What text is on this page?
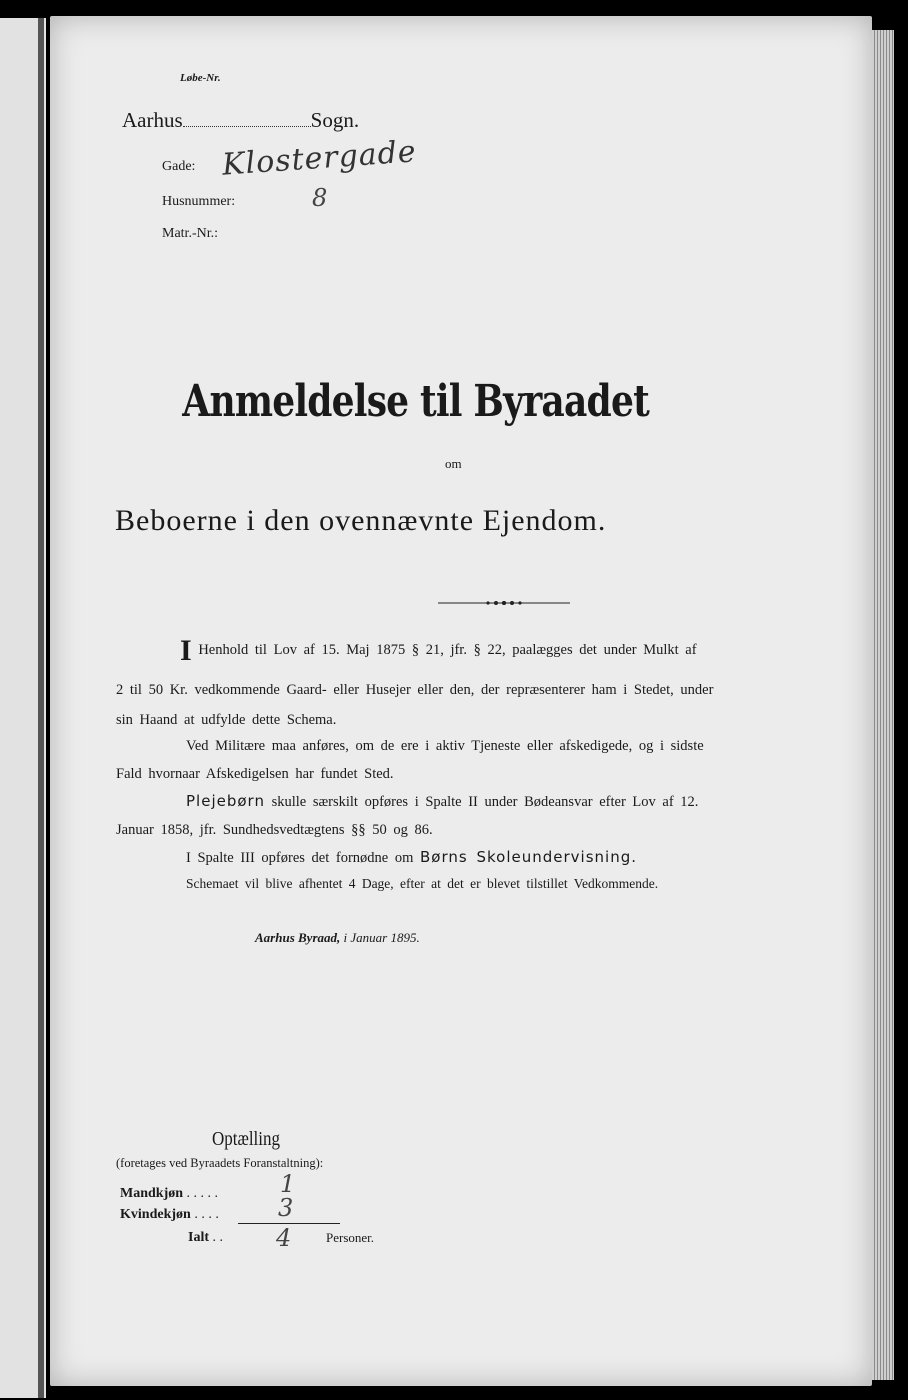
Løbe-Nr.
Aarhus	Sogn.
Gade: Klostergade
Husnummer:	8
Matr.-Nr.:
Anmeldelse til Byraadet
om
Beboerne i den ovennævnte Ejendom.
I Henhold til Lov af 15. Maj 1875 § 21, jfr. § 22, paalægges det under Mulkt af
2 til 50 Kr. vedkommende Gaard- eller Husejer eller den, der repræsenterer ham i Stedet, under
sin Haand at udfylde dette Schema.
Ved Militære maa anføres, om de ere i aktiv Tjeneste eller afskedigede, og i sidste
Fald hvornaar Afskedigelsen har fundet Sted.
Plejebørn skulle særskilt opføres i Spalte II under Bødeansvar efter Lov af 12.
Januar 1858, jfr. Sundhedsvedtægtens §§ 50 og 86.
I Spalte III opføres det fornødne om Børns Skoleundervisning.
Schemaet vil blive afhentet 4 Dage, efter at det er blevet tilstillet Vedkommende.
Aarhus Byraad, i Januar 1895.
Optælling
(foretages ved Byraadets Foranstaltning):
Mandkjøn . . . . .	1
Kvindekjøn . . . . 3
Ialt . . 4	Personer.
